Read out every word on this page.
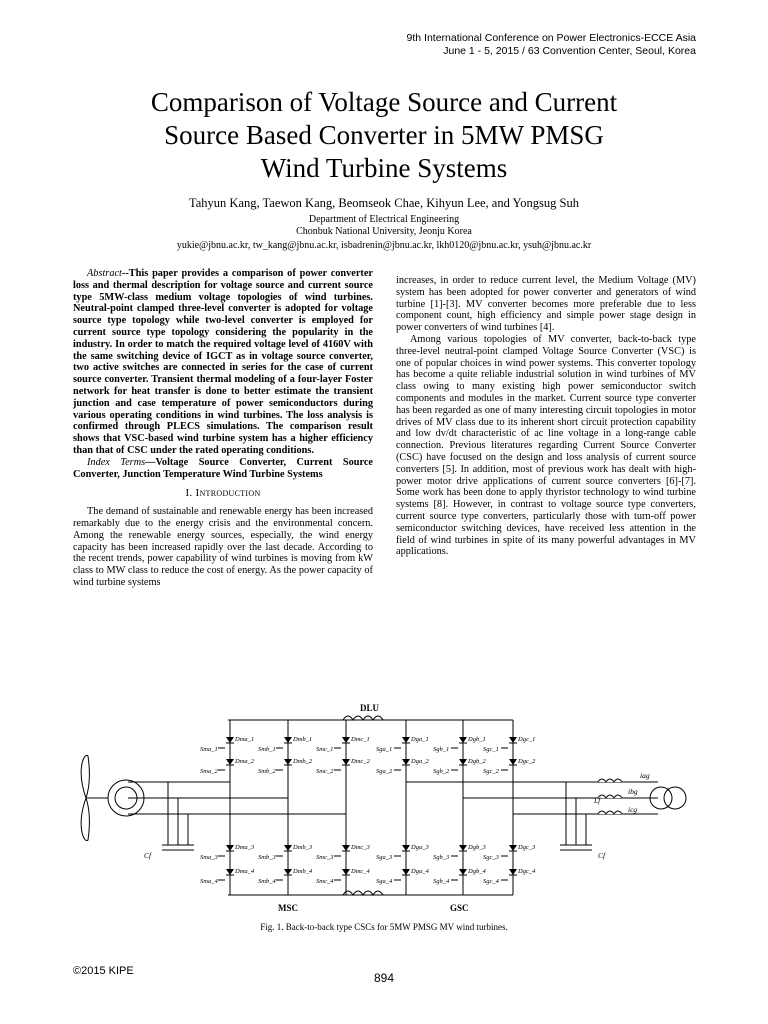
9th International Conference on Power Electronics-ECCE Asia
June 1 - 5, 2015 / 63 Convention Center, Seoul, Korea
Comparison of Voltage Source and Current
Source Based Converter in 5MW PMSG
Wind Turbine Systems
Tahyun Kang, Taewon Kang, Beomseok Chae, Kihyun Lee, and Yongsug Suh
Department of Electrical Engineering
Chonbuk National University, Jeonju Korea
yukie@jbnu.ac.kr, tw_kang@jbnu.ac.kr, isbadrenin@jbnu.ac.kr, lkh0120@jbnu.ac.kr, ysuh@jbnu.ac.kr

Abstract--This paper provides a comparison of power converter loss and thermal description for voltage source and current source type 5MW-class medium voltage topologies of wind turbines. Neutral-point clamped three-level converter is adopted for voltage source type topology while two-level converter is employed for current source type topology considering the popularity in the industry. In order to match the required voltage level of 4160V with the same switching device of IGCT as in voltage source converter, two active switches are connected in series for the case of current source converter. Transient thermal modeling of a four-layer Foster network for heat transfer is done to better estimate the transient junction and case temperature of power semiconductors during various operating conditions in wind turbines. The loss analysis is confirmed through PLECS simulations. The comparison result shows that VSC-based wind turbine system has a higher efficiency than that of CSC under the rated operating conditions.

Index Terms—Voltage Source Converter, Current Source Converter, Junction Temperature Wind Turbine Systems

I. Introduction

The demand of sustainable and renewable energy has been increased remarkably due to the energy crisis and the environmental concern. Among the renewable energy sources, especially, the wind energy capacity has been increased rapidly over the last decade. According to the recent trends, power capability of wind turbines is moving from kW class to MW class to reduce the cost of energy. As the power capacity of wind turbine systems

increases, in order to reduce current level, the Medium Voltage (MV) system has been adopted for power converter and generators of wind turbine [1]-[3]. MV converter becomes more preferable due to less component count, high efficiency and simple power stage design in power converters of wind turbines [4].

Among various topologies of MV converter, back-to-back type three-level neutral-point clamped Voltage Source Converter (VSC) is one of popular choices in wind power systems. This converter topology has become a quite reliable industrial solution in wind turbines of MV class owing to many existing high power semiconductor switch components and modules in the market. Current source type converter has been regarded as one of many interesting circuit topologies in motor drives of MV class due to its inherent short circuit protection capability and low dv/dt characteristic of ac line voltage in a long-range cable connection. Previous literatures regarding Current Source Converter (CSC) have focused on the design and loss analysis of current source converters [5]. In addition, most of previous work has dealt with high-power motor drive applications of current source converters [6]-[7]. Some work has been done to apply thyristor technology to wind turbine systems [8]. However, in contrast to voltage source type converters, current source type converters, particularly those with turn-off power semiconductor switching devices, have received less attention in the field of wind turbines in spite of its many powerful advantages in MV applications.

Dma_1
Sma_1
Dmb_1
Smb_1
Dmc_1
Smc_1
Dma_2
Sma_2
Dmb_2
Smb_2
Dmc_2
Smc_2
Dma_3
Sma_3
Dmb_3
Smb_3
Dmc_3
Smc_3
Dma_4
Sma_4
Dmb_4
Smb_4
Dmc_4
Smc_4
Dga_1
Sga_1
Dgb_1
Sgb_1
Dgc_1
Sgc_1
Dga_2
Sga_2
Dgb_2
Sgb_2
Dgc_2
Sgc_2
Dga_3
Sga_3
Dgb_3
Sgb_3
Dgc_3
Sgc_3
Dga_4
Sga_4
Dgb_4
Sgb_4
Dgc_4
Sgc_4
DLU
MSC	GSC
Cf	Cf
Lf
iag
ibg
icg
Fig. 1. Back-to-back type CSCs for 5MW PMSG MV wind turbines.
©2015 KIPE	894
